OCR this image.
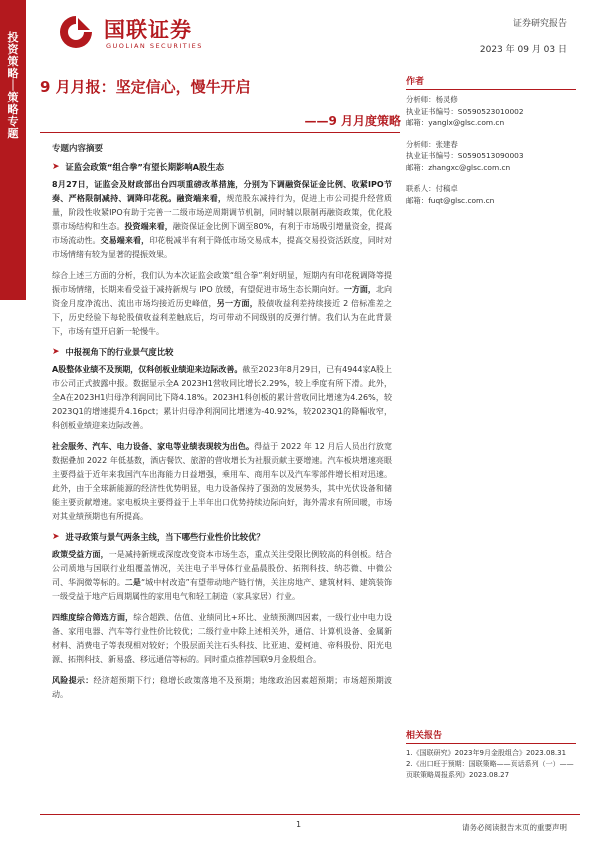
投资策略｜策略专题
国联证券
GUOLIAN SECURITIES
证券研究报告
2023 年 09 月 03 日
9 月月报：坚定信心，慢牛开启
——9 月月度策略
专题内容摘要
➤ 证监会政策“组合拳”有望长期影响A股生态

8月27日，证监会及财政部出台四项重磅改革措施，分别为下调融资保证金比例、收紧IPO节奏、严格限制减持、调降印花税。融资端来看，规范股东减持行为，促进上市公司提升经营质量，阶段性收紧IPO有助于完善一二级市场逆周期调节机制，同时辅以限制再融资政策，优化股票市场结构和生态。投资端来看，融资保证金比例下调至80%，有利于市场吸引增量资金，提高市场流动性。交易端来看，印花税减半有利于降低市场交易成本，提高交易投资活跃度，同时对市场情绪有较为显著的提振效果。

综合上述三方面的分析，我们认为本次证监会政策“组合拳”利好明显，短期内有印花税调降等提振市场情绪，长期来看受益于减持新规与 IPO 放缓，有望促进市场生态长期向好。一方面，北向资金月度净流出、流出市场均接近历史峰值，另一方面，股债收益利差持续接近 2 倍标准差之下，历史经验下每轮股债收益利差触底后，均可带动不同级别的反弹行情。我们认为在此背景下，市场有望开启新一轮慢牛。

➤ 中报视角下的行业景气度比较

A股整体业绩不及预期，仅科创板业绩迎来边际改善。截至2023年8月29日，已有4944家A股上市公司正式披露中报。数据显示全A 2023H1营收同比增长2.29%，较上季度有所下滑。此外，全A在2023H1归母净利润同比下降4.18%。2023H1科创板的累计营收同比增速为4.26%，较2023Q1的增速提升4.16pct；累计归母净利润同比增速为-40.92%，较2023Q1的降幅收窄，科创板业绩迎来边际改善。

社会服务、汽车、电力设备、家电等业绩表现较为出色。得益于 2022 年 12 月后人员出行放宽数据叠加 2022 年低基数，酒店餐饮、旅游的营收增长为社服贡献主要增速。汽车板块增速亮眼主要得益于近年来我国汽车出海能力日益增强，乘用车、商用车以及汽车零部件增长相对迅速。此外，由于全球新能源的经济性优势明显，电力设备保持了强劲的发展势头，其中光伏设备和储能主要贡献增速。家电板块主要得益于上半年出口优势持续边际向好，海外需求有所回暖，市场对其业绩预期也有所提高。

➤ 进寻政策与景气两条主线，当下哪些行业性价比较优？

政策受益方面，一是减持新规或深度改变资本市场生态，重点关注受限比例较高的科创板。结合公司质地与国联行业组覆盖情况，关注电子半导体行业晶晨股份、拓荆科技、纳芯微、中微公司、华润微等标的。二是“城中村改造”有望带动地产链行情，关注房地产、建筑材料、建筑装饰一级受益于地产后周期属性的家用电气和轻工制造（家具家居）行业。

四维度综合筛选方面，综合超跌、估值、业绩同比+环比、业绩预测四因素，一级行业中电力设备、家用电器、汽车等行业性价比较优；二级行业中除上述相关外，通信、计算机设备、金属新材料、消费电子等表现相对较好；个股层面关注石头科技、比亚迪、爱柯迪、帝科股份、阳光电源、拓荆科技、新易盛、移远通信等标的。同时重点推荐国联9月金股组合。

风险提示：经济超预期下行；稳增长政策落地不及预期；地缘政治因素超预期；市场超预期波动。

作者
分析师：杨灵修
执业证书编号：S0590523010002
邮箱：yanglx@glsc.com.cn
分析师：张建春
执业证书编号：S0590513090003
邮箱：zhangxc@glsc.com.cn
联系人：付稿卓
邮箱：fuqt@glsc.com.cn
相关报告
1.《国联研究》2023年9月金股组合》2023.08.31
2.《出口旺于预期：国联策略——页话系列（一）——页联策略周报系列》2023.08.27
1	请务必阅读报告末页的重要声明
